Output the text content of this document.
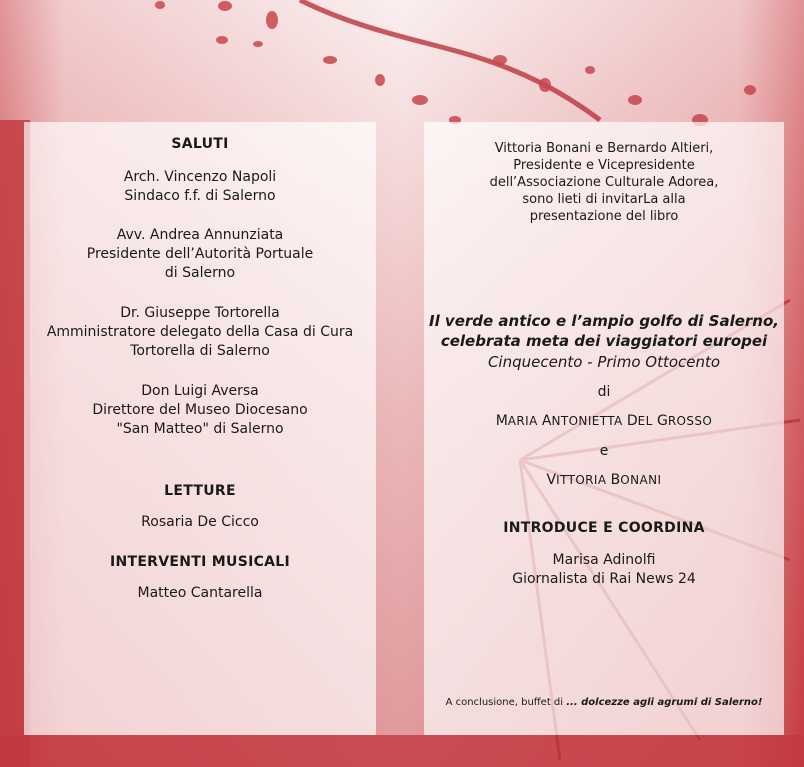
SALUTI
Arch. Vincenzo Napoli
Sindaco f.f. di Salerno
Avv. Andrea Annunziata
Presidente dell’Autorità Portuale
di Salerno
Dr. Giuseppe Tortorella
Amministratore delegato della Casa di Cura
Tortorella di Salerno
Don Luigi Aversa
Direttore del Museo Diocesano
"San Matteo" di Salerno
LETTURE
Rosaria De Cicco
INTERVENTI MUSICALI
Matteo Cantarella
Vittoria Bonani e Bernardo Altieri,
Presidente e Vicepresidente
dell’Associazione Culturale Adorea,
sono lieti di invitarLa alla
presentazione del libro
Il verde antico e l’ampio golfo di Salerno,
celebrata meta dei viaggiatori europei
Cinquecento - Primo Ottocento
di
MARIA ANTONIETTA DEL GROSSO
e
VITTORIA BONANI
INTRODUCE E COORDINA
Marisa Adinolfi
Giornalista di Rai News 24
A conclusione, buffet di ... dolcezze agli agrumi di Salerno!
